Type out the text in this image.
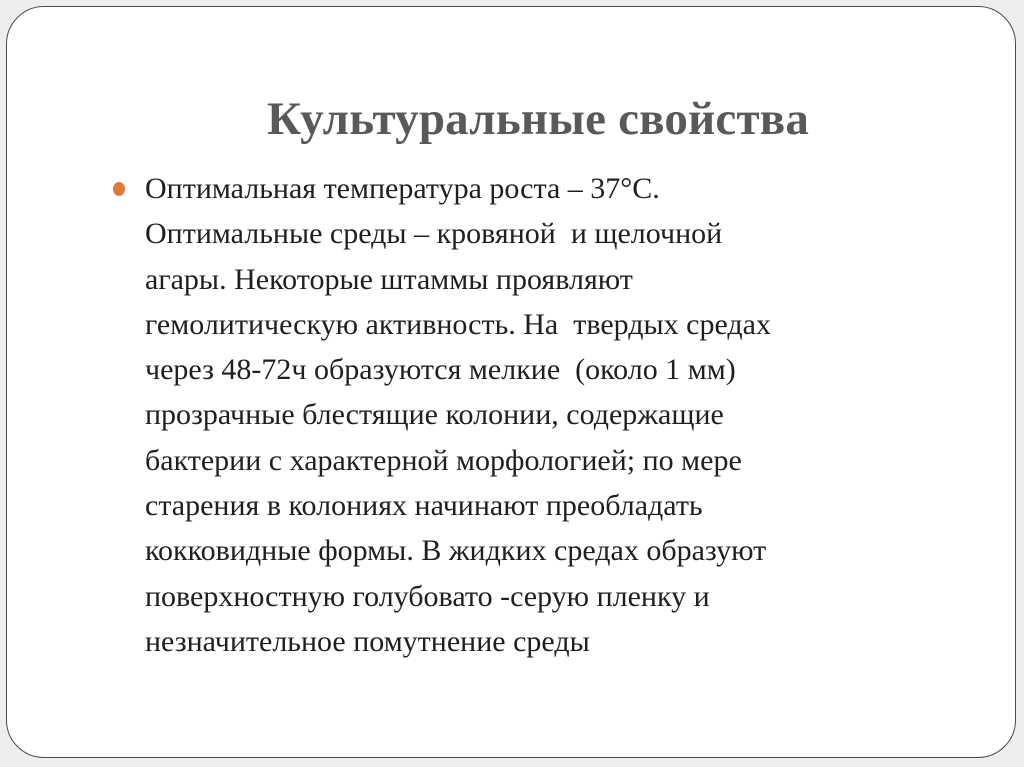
Культуральные свойства

Оптимальная температура роста – 37°С.
Оптимальные среды – кровяной  и щелочной
агары. Некоторые штаммы проявляют
гемолитическую активность. На  твердых средах
через 48-72ч образуются мелкие  (около 1 мм)
прозрачные блестящие колонии, содержащие
бактерии с характерной морфологией; по мере
старения в колониях начинают преобладать
кокковидные формы. В жидких средах образуют
поверхностную голубовато -серую пленку и
незначительное помутнение среды
